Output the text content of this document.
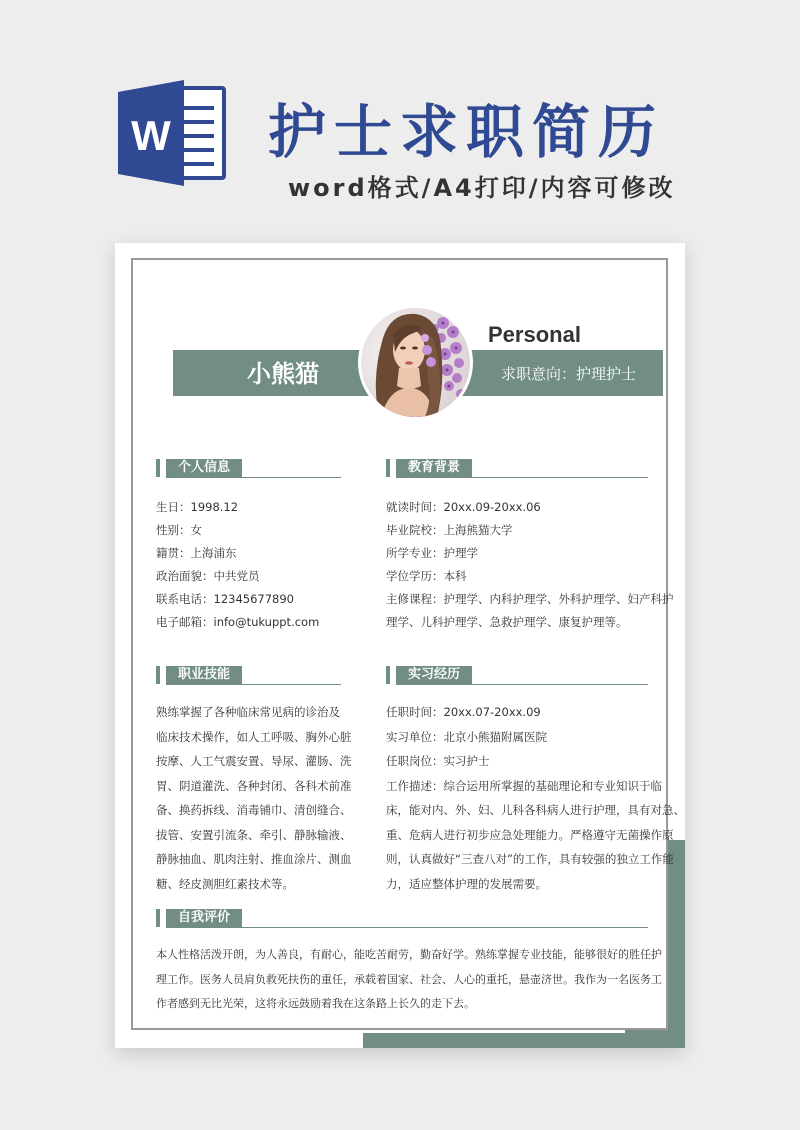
W 护士求职简历
word格式/A4打印/内容可修改
Personal
小熊猫	求职意向：护理护士
个人信息
生日：1998.12
性别：女
籍贯：上海浦东
政治面貌：中共党员
联系电话：12345677890
电子邮箱：info@tukuppt.com
教育背景
就读时间：20xx.09-20xx.06
毕业院校：上海熊猫大学
所学专业：护理学
学位学历：本科
主修课程：护理学、内科护理学、外科护理学、妇产科护
理学、儿科护理学、急救护理学、康复护理等。
职业技能
熟练掌握了各种临床常见病的诊治及
临床技术操作，如人工呼吸、胸外心脏
按摩、人工气震安置、导尿、灌肠、洗
胃、阴道灌洗、各种封闭、各科术前准
备、换药拆线、消毒铺巾、清创缝合、
拔管、安置引流条、牵引、静脉输液、
静脉抽血、肌肉注射、推血涂片、测血
糖、经皮测胆红素技术等。
实习经历
任职时间：20xx.07-20xx.09
实习单位：北京小熊猫附属医院
任职岗位：实习护士
工作描述：综合运用所掌握的基础理论和专业知识于临
床，能对内、外、妇、儿科各科病人进行护理，具有对急、
重、危病人进行初步应急处理能力。严格遵守无菌操作原
则，认真做好“三查八对”的工作，具有较强的独立工作能
力，适应整体护理的发展需要。
自我评价
本人性格活泼开朗，为人善良，有耐心，能吃苦耐劳，勤奋好学。熟练掌握专业技能，能够很好的胜任护
理工作。医务人员肩负救死扶伤的重任，承载着国家、社会、人心的重托，悬壶济世。我作为一名医务工
作者感到无比光荣，这将永远鼓励着我在这条路上长久的走下去。
